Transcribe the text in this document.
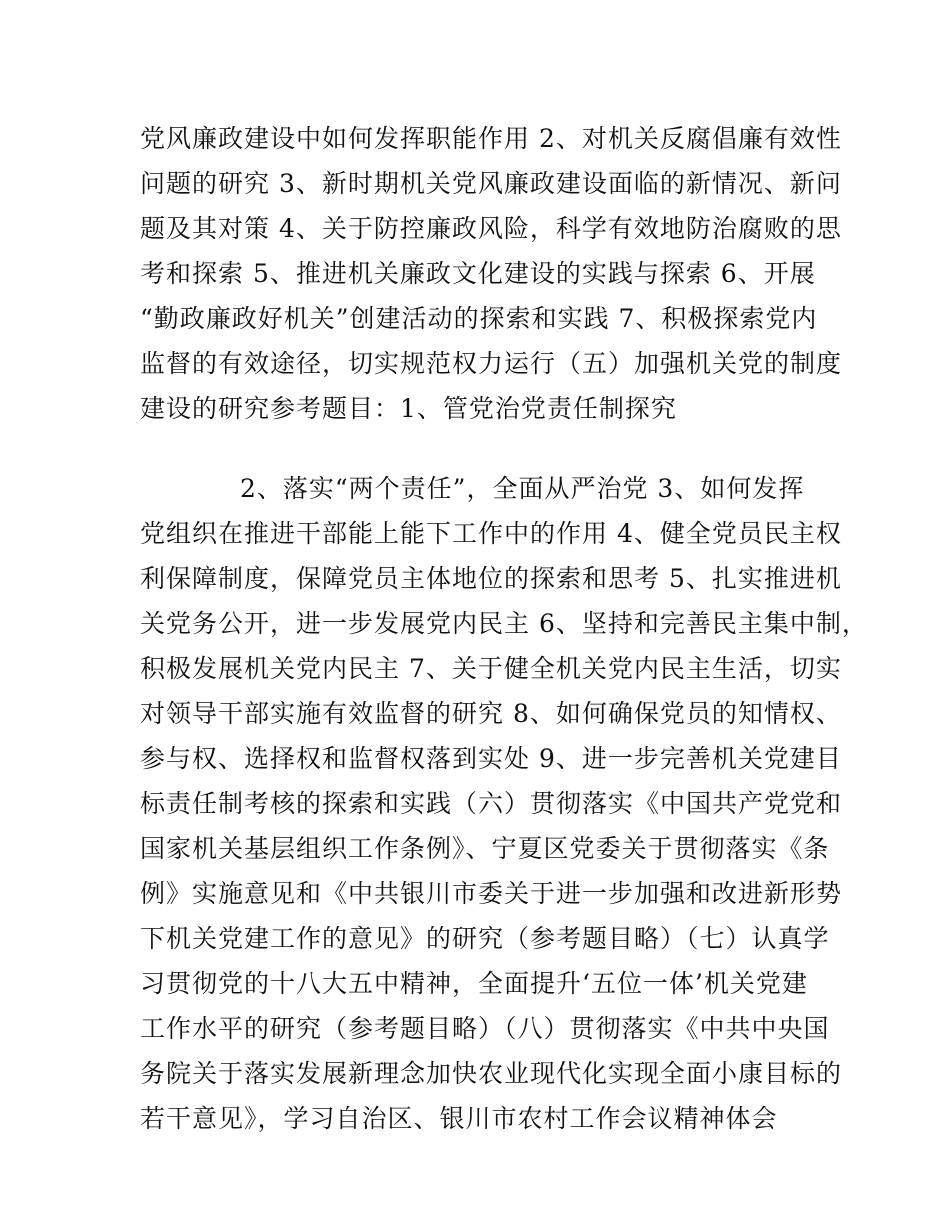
党风廉政建设中如何发挥职能作用 2、对机关反腐倡廉有效性
问题的研究 3、新时期机关党风廉政建设面临的新情况、新问
题及其对策 4、关于防控廉政风险，科学有效地防治腐败的思
考和探索 5、推进机关廉政文化建设的实践与探索 6、开展
“勤政廉政好机关”创建活动的探索和实践 7、积极探索党内
监督的有效途径，切实规范权力运行（五）加强机关党的制度
建设的研究参考题目：1、管党治党责任制探究
2、落实“两个责任”，全面从严治党 3、如何发挥
党组织在推进干部能上能下工作中的作用 4、健全党员民主权
利保障制度，保障党员主体地位的探索和思考 5、扎实推进机
关党务公开，进一步发展党内民主 6、坚持和完善民主集中制，
积极发展机关党内民主 7、关于健全机关党内民主生活，切实
对领导干部实施有效监督的研究 8、如何确保党员的知情权、
参与权、选择权和监督权落到实处 9、进一步完善机关党建目
标责任制考核的探索和实践（六）贯彻落实《中国共产党党和
国家机关基层组织工作条例》、宁夏区党委关于贯彻落实《条
例》实施意见和《中共银川市委关于进一步加强和改进新形势
下机关党建工作的意见》的研究（参考题目略）（七）认真学
习贯彻党的十八大五中精神，全面提升‘五位一体’机关党建
工作水平的研究（参考题目略）（八）贯彻落实《中共中央国
务院关于落实发展新理念加快农业现代化实现全面小康目标的
若干意见》，学习自治区、银川市农村工作会议精神体会
